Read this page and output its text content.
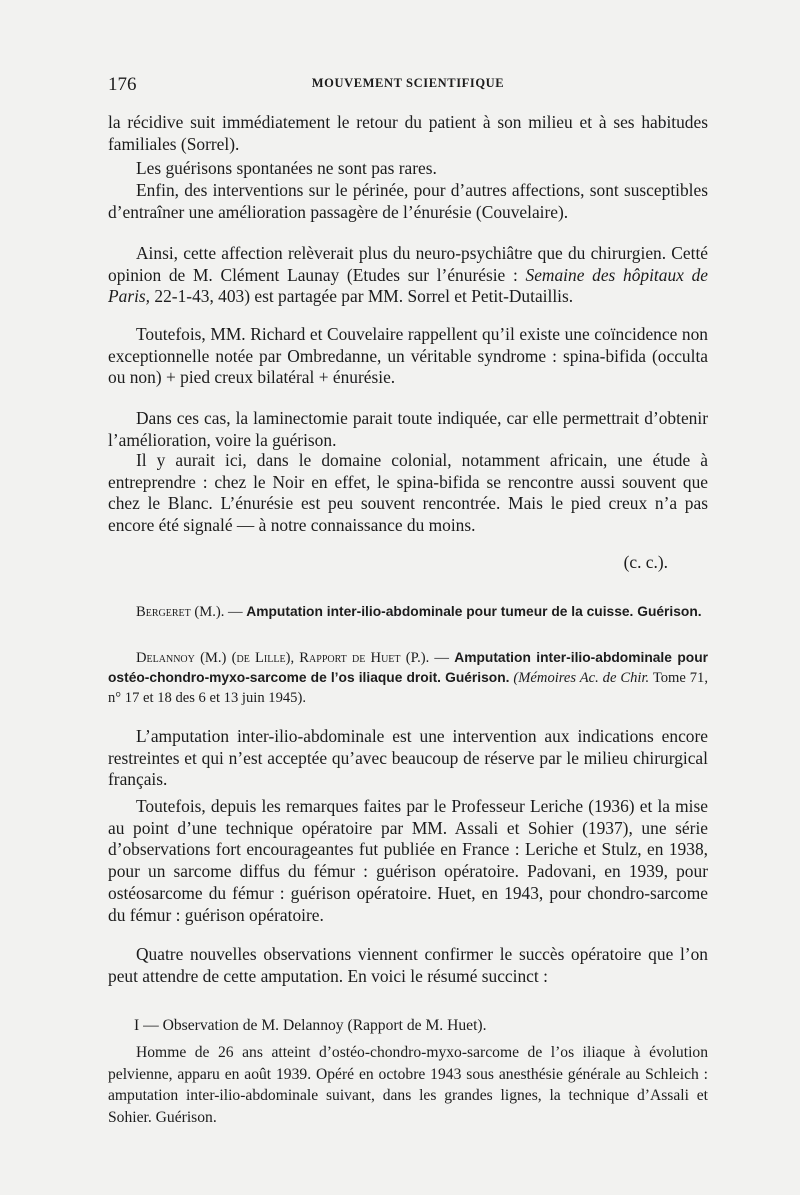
176	MOUVEMENT SCIENTIFIQUE

la récidive suit immédiatement le retour du patient à son milieu et à ses habitudes familiales (Sorrel).

Les guérisons spontanées ne sont pas rares.

Enfin, des interventions sur le périnée, pour d’autres affections, sont susceptibles d’entraîner une amélioration passagère de l’énurésie (Couvelaire).

Ainsi, cette affection relèverait plus du neuro-psychiâtre que du chirurgien. Cetté opinion de M. Clément Launay (Etudes sur l’énurésie : Semaine des hôpitaux de Paris, 22-1-43, 403) est partagée par MM. Sorrel et Petit-Dutaillis.

Toutefois, MM. Richard et Couvelaire rappellent qu’il existe une coïncidence non exceptionnelle notée par Ombredanne, un véritable syndrome : spina-bifida (occulta ou non) + pied creux bilatéral + énurésie.

Dans ces cas, la laminectomie parait toute indiquée, car elle permettrait d’obtenir l’amélioration, voire la guérison.

Il y aurait ici, dans le domaine colonial, notamment africain, une étude à entreprendre : chez le Noir en effet, le spina-bifida se rencontre aussi souvent que chez le Blanc. L’énurésie est peu souvent rencontrée. Mais le pied creux n’a pas encore été signalé — à notre connaissance du moins.

(c. c.).

Bergeret (M.). — Amputation inter-ilio-abdominale pour tumeur de la cuisse. Guérison.

Delannoy (M.) (de Lille), Rapport de Huet (P.). — Amputation inter-ilio-abdominale pour ostéo-chondro-myxo-sarcome de l’os iliaque droit. Guérison. (Mémoires Ac. de Chir. Tome 71, n° 17 et 18 des 6 et 13 juin 1945).

L’amputation inter-ilio-abdominale est une intervention aux indications encore restreintes et qui n’est acceptée qu’avec beaucoup de réserve par le milieu chirurgical français.

Toutefois, depuis les remarques faites par le Professeur Leriche (1936) et la mise au point d’une technique opératoire par MM. Assali et Sohier (1937), une série d’observations fort encourageantes fut publiée en France : Leriche et Stulz, en 1938, pour un sarcome diffus du fémur : guérison opératoire. Padovani, en 1939, pour ostéosarcome du fémur : guérison opératoire. Huet, en 1943, pour chondro-sarcome du fémur : guérison opératoire.

Quatre nouvelles observations viennent confirmer le succès opératoire que l’on peut attendre de cette amputation. En voici le résumé succinct :

I — Observation de M. Delannoy (Rapport de M. Huet).

Homme de 26 ans atteint d’ostéo-chondro-myxo-sarcome de l’os iliaque à évolution pelvienne, apparu en août 1939. Opéré en octobre 1943 sous anesthésie générale au Schleich : amputation inter-ilio-abdominale suivant, dans les grandes lignes, la technique d’Assali et Sohier. Guérison.
